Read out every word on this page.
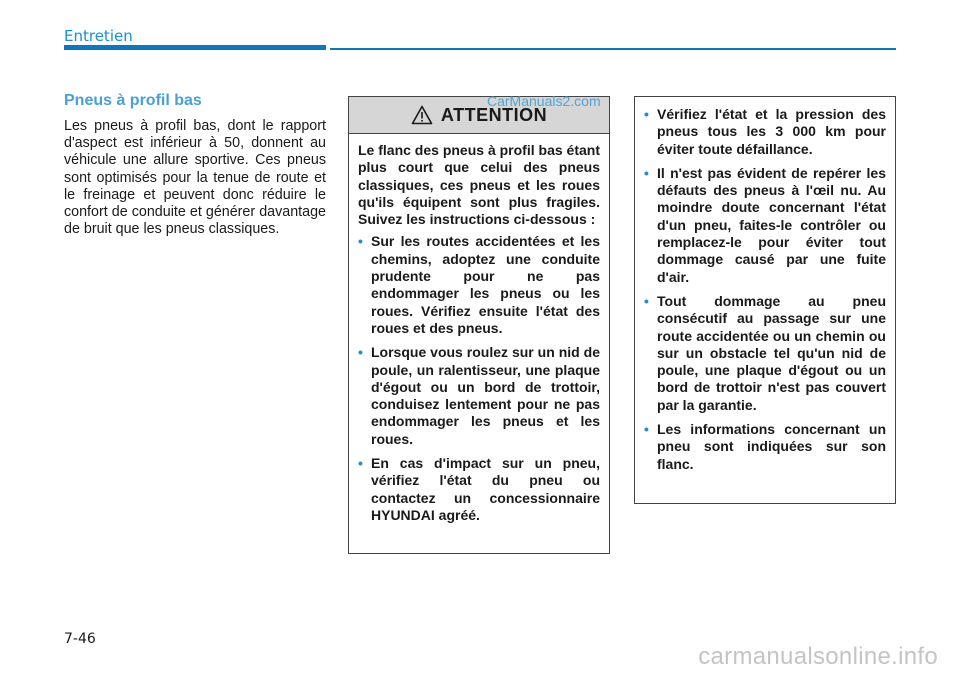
Entretien
Pneus à profil bas

Les pneus à profil bas, dont le rapport d'aspect est inférieur à 50, donnent au véhicule une allure sportive. Ces pneus sont optimisés pour la tenue de route et le freinage et peuvent donc réduire le confort de conduite et générer davantage de bruit que les pneus classiques.

ATTENTION

Le flanc des pneus à profil bas étant plus court que celui des pneus classiques, ces pneus et les roues qu'ils équipent sont plus fragiles. Suivez les instructions ci-dessous :

• Sur les routes accidentées et les chemins, adoptez une conduite prudente pour ne pas endommager les pneus ou les roues. Vérifiez ensuite l'état des roues et des pneus.
• Lorsque vous roulez sur un nid de poule, un ralentisseur, une plaque d'égout ou un bord de trottoir, conduisez lentement pour ne pas endommager les pneus et les roues.
• En cas d'impact sur un pneu, vérifiez l'état du pneu ou contactez un concessionnaire HYUNDAI agréé.
CarManuals2.com
• Vérifiez l'état et la pression des pneus tous les 3 000 km pour éviter toute défaillance.
• Il n'est pas évident de repérer les défauts des pneus à l'œil nu. Au moindre doute concernant l'état d'un pneu, faites-le contrôler ou remplacez-le pour éviter tout dommage causé par une fuite d'air.
• Tout dommage au pneu consécutif au passage sur une route accidentée ou un chemin ou sur un obstacle tel qu'un nid de poule, une plaque d'égout ou un bord de trottoir n'est pas couvert par la garantie.
• Les informations concernant un pneu sont indiquées sur son flanc.
7-46
carmanualsonline.info
